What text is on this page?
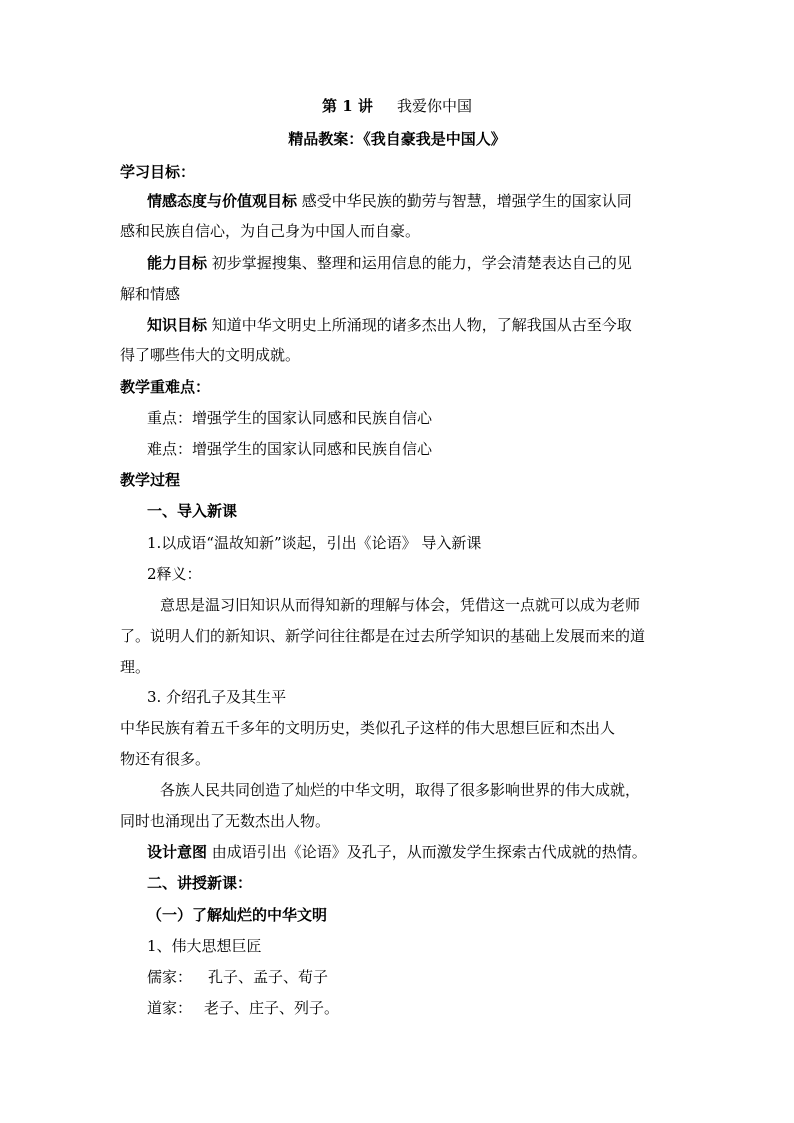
第 1 讲 我爱你中国
精品教案：《我自豪我是中国人》
学习目标：
情感态度与价值观目标 感受中华民族的勤劳与智慧，增强学生的国家认同
感和民族自信心，为自己身为中国人而自豪。
能力目标 初步掌握搜集、整理和运用信息的能力，学会清楚表达自己的见
解和情感
知识目标 知道中华文明史上所涌现的诸多杰出人物，了解我国从古至今取
得了哪些伟大的文明成就。
教学重难点：
重点：增强学生的国家认同感和民族自信心
难点：增强学生的国家认同感和民族自信心
教学过程
一、导入新课
1.以成语“温故知新”谈起，引出《论语》 导入新课
2释义：
意思是温习旧知识从而得知新的理解与体会，凭借这一点就可以成为老师
了。说明人们的新知识、新学问往往都是在过去所学知识的基础上发展而来的道
理。
3. 介绍孔子及其生平
中华民族有着五千多年的文明历史，类似孔子这样的伟大思想巨匠和杰出人
物还有很多。
各族人民共同创造了灿烂的中华文明，取得了很多影响世界的伟大成就，
同时也涌现出了无数杰出人物。
设计意图 由成语引出《论语》及孔子，从而激发学生探索古代成就的热情。
二、讲授新课：
（一）了解灿烂的中华文明
1、伟大思想巨匠
儒家： 孔子、孟子、荀子
道家： 老子、庄子、列子。
